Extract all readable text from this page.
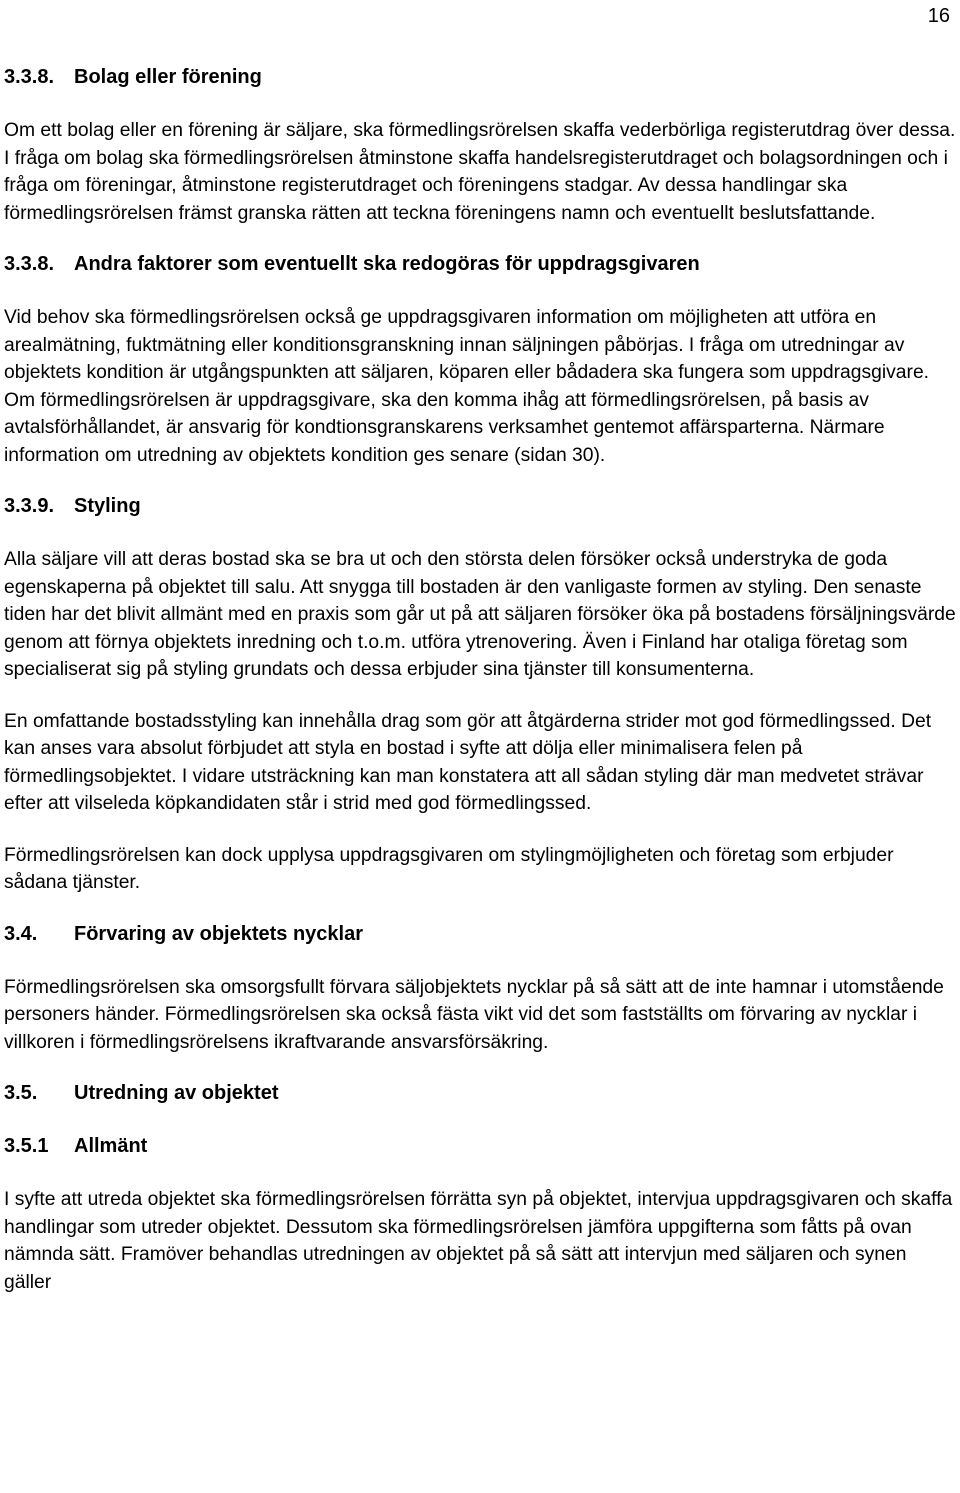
16
3.3.8. Bolag eller förening

Om ett bolag eller en förening är säljare, ska förmedlingsrörelsen skaffa vederbörliga registerutdrag över dessa. I fråga om bolag ska förmedlingsrörelsen åtminstone skaffa handelsregisterutdraget och bolagsordningen och i fråga om föreningar, åtminstone registerutdraget och föreningens stadgar. Av dessa handlingar ska förmedlingsrörelsen främst granska rätten att teckna föreningens namn och eventuellt beslutsfattande.

3.3.8. Andra faktorer som eventuellt ska redogöras för uppdragsgivaren

Vid behov ska förmedlingsrörelsen också ge uppdragsgivaren information om möjligheten att utföra en arealmätning, fuktmätning eller konditionsgranskning innan säljningen påbörjas. I fråga om utredningar av objektets kondition är utgångspunkten att säljaren, köparen eller bådadera ska fungera som uppdragsgivare. Om förmedlingsrörelsen är uppdragsgivare, ska den komma ihåg att förmedlingsrörelsen, på basis av avtalsförhållandet, är ansvarig för kondtionsgranskarens verksamhet gentemot affärsparterna. Närmare information om utredning av objektets kondition ges senare (sidan 30).

3.3.9. Styling

Alla säljare vill att deras bostad ska se bra ut och den största delen försöker också understryka de goda egenskaperna på objektet till salu. Att snygga till bostaden är den vanligaste formen av styling. Den senaste tiden har det blivit allmänt med en praxis som går ut på att säljaren försöker öka på bostadens försäljningsvärde genom att förnya objektets inredning och t.o.m. utföra ytrenovering. Även i Finland har otaliga företag som specialiserat sig på styling grundats och dessa erbjuder sina tjänster till konsumenterna.

En omfattande bostadsstyling kan innehålla drag som gör att åtgärderna strider mot god förmedlingssed. Det kan anses vara absolut förbjudet att styla en bostad i syfte att dölja eller minimalisera felen på förmedlingsobjektet. I vidare utsträckning kan man konstatera att all sådan styling där man medvetet strävar efter att vilseleda köpkandidaten står i strid med god förmedlingssed.

Förmedlingsrörelsen kan dock upplysa uppdragsgivaren om stylingmöjligheten och företag som erbjuder sådana tjänster.

3.4. Förvaring av objektets nycklar

Förmedlingsrörelsen ska omsorgsfullt förvara säljobjektets nycklar på så sätt att de inte hamnar i utomstående personers händer. Förmedlingsrörelsen ska också fästa vikt vid det som fastställts om förvaring av nycklar i villkoren i förmedlingsrörelsens ikraftvarande ansvarsförsäkring.

3.5. Utredning av objektet
3.5.1 Allmänt

I syfte att utreda objektet ska förmedlingsrörelsen förrätta syn på objektet, intervjua uppdragsgivaren och skaffa handlingar som utreder objektet. Dessutom ska förmedlingsrörelsen jämföra uppgifterna som fåtts på ovan nämnda sätt. Framöver behandlas utredningen av objektet på så sätt att intervjun med säljaren och synen gäller
